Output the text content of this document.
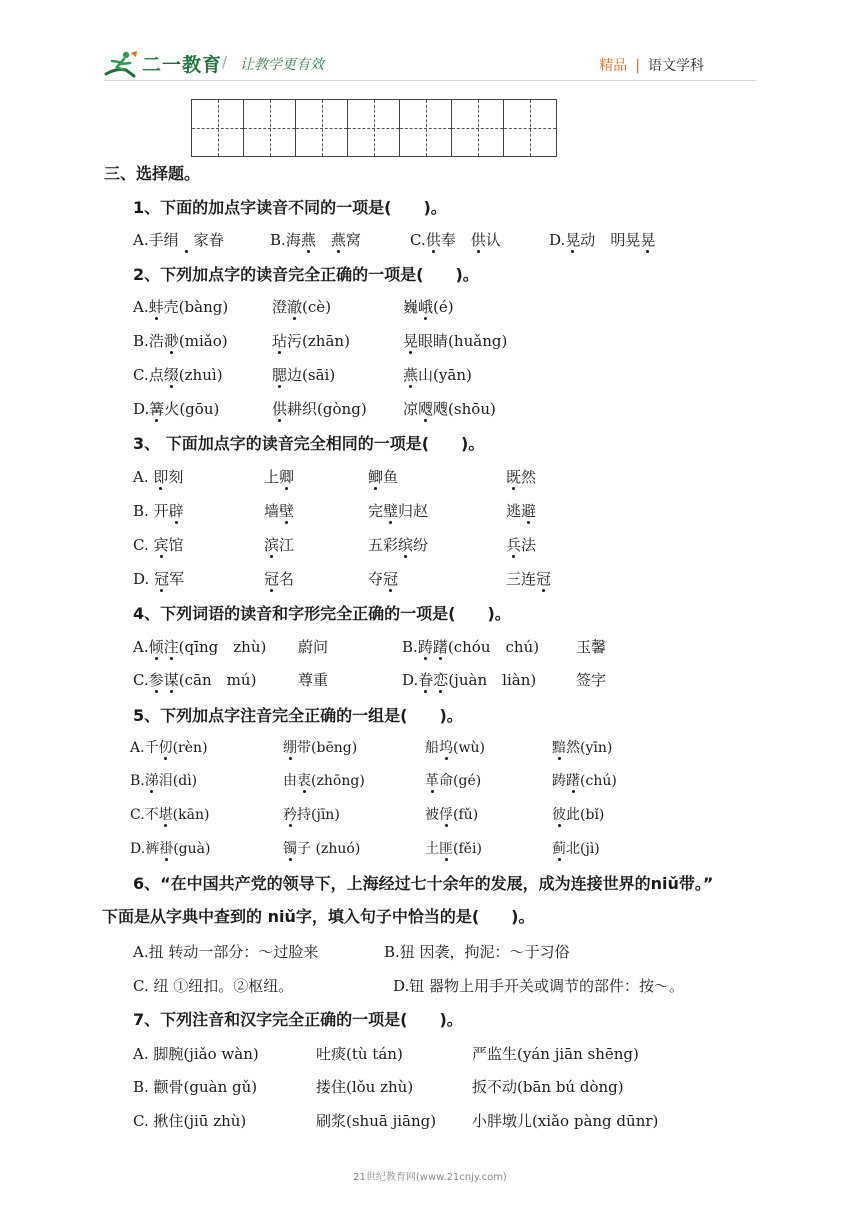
二一教育 / 让教学更有效	精品 | 语文学科
三、选择题。
1、下面的加点字读音不同的一项是(　　)。
A.手绢　 家眷	B.海燕　 燕窝	C.供奉　 供认	D.晃动　 明晃晃
2、下列加点字的读音完全正确的一项是(　　)。
A.蚌壳(bàng)	澄澈(cè)	巍峨(é)
B.浩渺(miǎo)	玷污(zhān)	晃眼睛(huǎng)
C.点缀(zhuì)	腮边(sāi)	燕山(yān)
D.篝火(gōu)	供耕织(gòng) 凉飕飕(shōu)
3、 下面加点字的读音完全相同的一项是(　　)。
A. 即刻	上卿	鲫鱼	既然
B. 开辟	墙壁	完璧归赵	逃避
C. 宾馆	滨江	五彩缤纷	兵法
D. 冠军	冠名	夺冠	三连冠
4、下列词语的读音和字形完全正确的一项是(　　)。
A.倾注(qīng　 zhù) 蔚问	B.踌躇(chóu　 chú) 玉馨
C.参谋(cān　 mú)	尊重	D.眷恋(juàn　 liàn)	签字
5、下列加点字注音完全正确的一组是(　　)。
A.千仞(rèn)	绷带(bēng)	船坞(wù)	黯然(yīn)
B.涕泪(dì)	由衷(zhōng)	革命(gé)	踌躇(chú)
C.不堪(kān)	矜持(jīn)	被俘(fǔ)	彼此(bǐ)
D.裤褂(guà)	镯子 (zhuó)	土匪(fěi)	蓟北(jì)
6、“在中国共产党的领导下，上海经过七十余年的发展，成为连接世界的niǔ带。”
下面是从字典中查到的 niǔ字，填入句子中恰当的是(　　)。
A.扭 转动一部分：～过脸来	B.狃 因袭，拘泥：～于习俗
C. 纽 ①纽扣。②枢纽。	D.钮 器物上用手开关或调节的部件：按～。
7、下列注音和汉字完全正确的一项是(　　)。
A. 脚腕(jiǎo wàn)	吐痰(tù tán)	严监生(yán jiān shēng)
B. 颧骨(guàn gǔ)	搂住(lǒu zhù)	扳不动(bān bú dòng)
C. 揪住(jiū zhù)	刷浆(shuā jiāng) 小胖墩儿(xiǎo pàng dūnr)
21世纪教育网(www.21cnjy.com)
